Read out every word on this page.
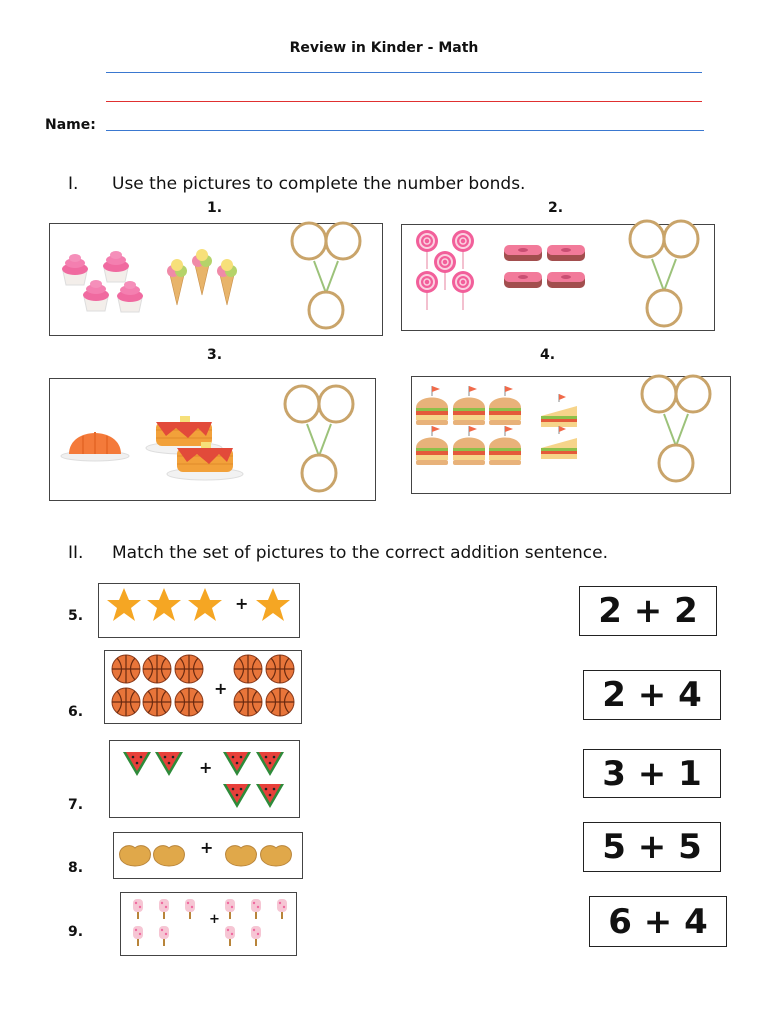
Review in Kinder - Math
Name:
I. Use the pictures to complete the number bonds.
1.	2.
3.	4.
II. Match the set of pictures to the correct addition sentence.
5.
+
6.
+
7.
+
8.
+
9.
+
2 + 2
2 + 4
3 + 1
5 + 5
6 + 4
